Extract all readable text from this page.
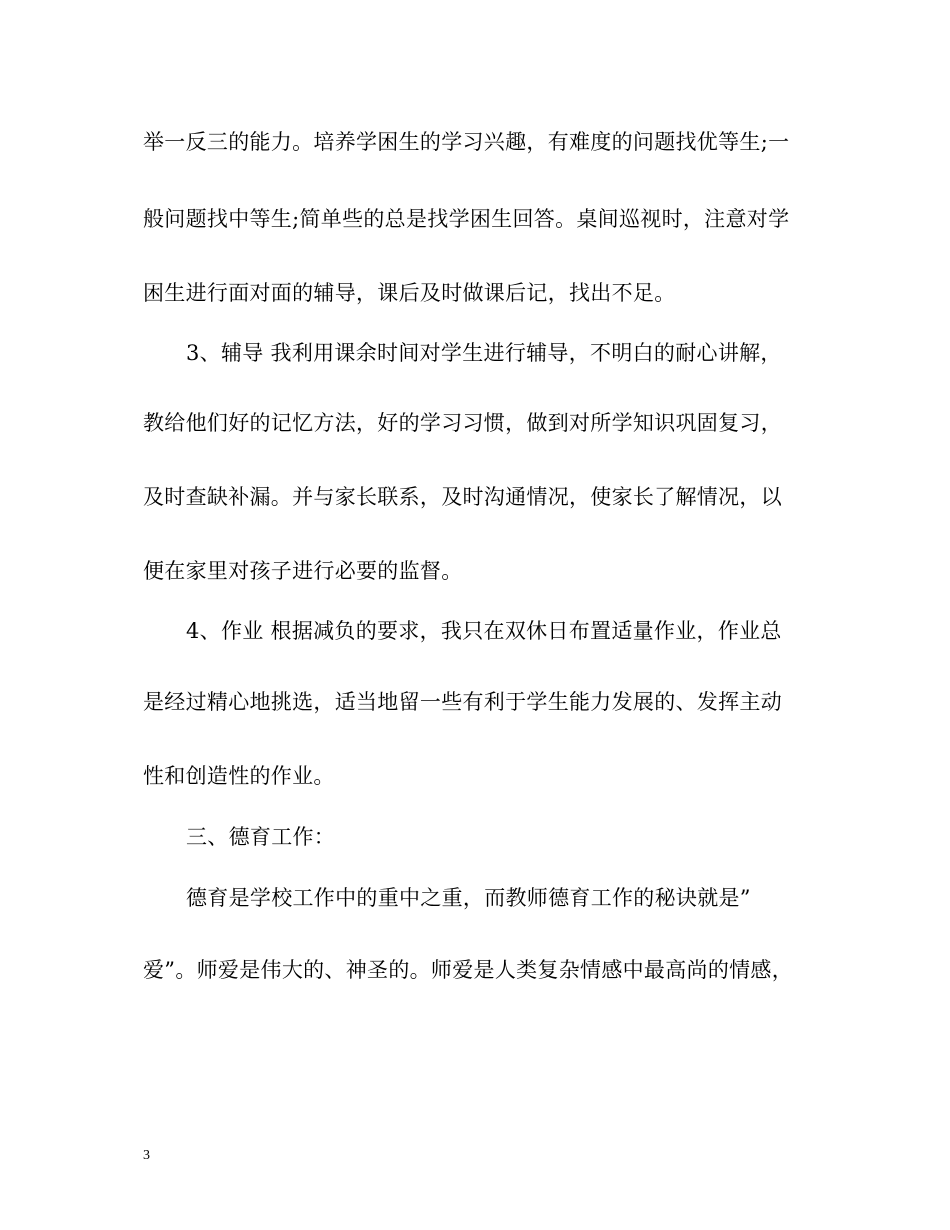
举一反三的能力。培养学困生的学习兴趣，有难度的问题找优等生;一
般问题找中等生;简单些的总是找学困生回答。桌间巡视时，注意对学
困生进行面对面的辅导，课后及时做课后记，找出不足。
3、辅导 我利用课余时间对学生进行辅导，不明白的耐心讲解，
教给他们好的记忆方法，好的学习习惯，做到对所学知识巩固复习，
及时查缺补漏。并与家长联系，及时沟通情况，使家长了解情况，以
便在家里对孩子进行必要的监督。
4、作业 根据减负的要求，我只在双休日布置适量作业，作业总
是经过精心地挑选，适当地留一些有利于学生能力发展的、发挥主动
性和创造性的作业。
三、德育工作：
德育是学校工作中的重中之重，而教师德育工作的秘诀就是”
爱”。师爱是伟大的、神圣的。师爱是人类复杂情感中最高尚的情感，
3
